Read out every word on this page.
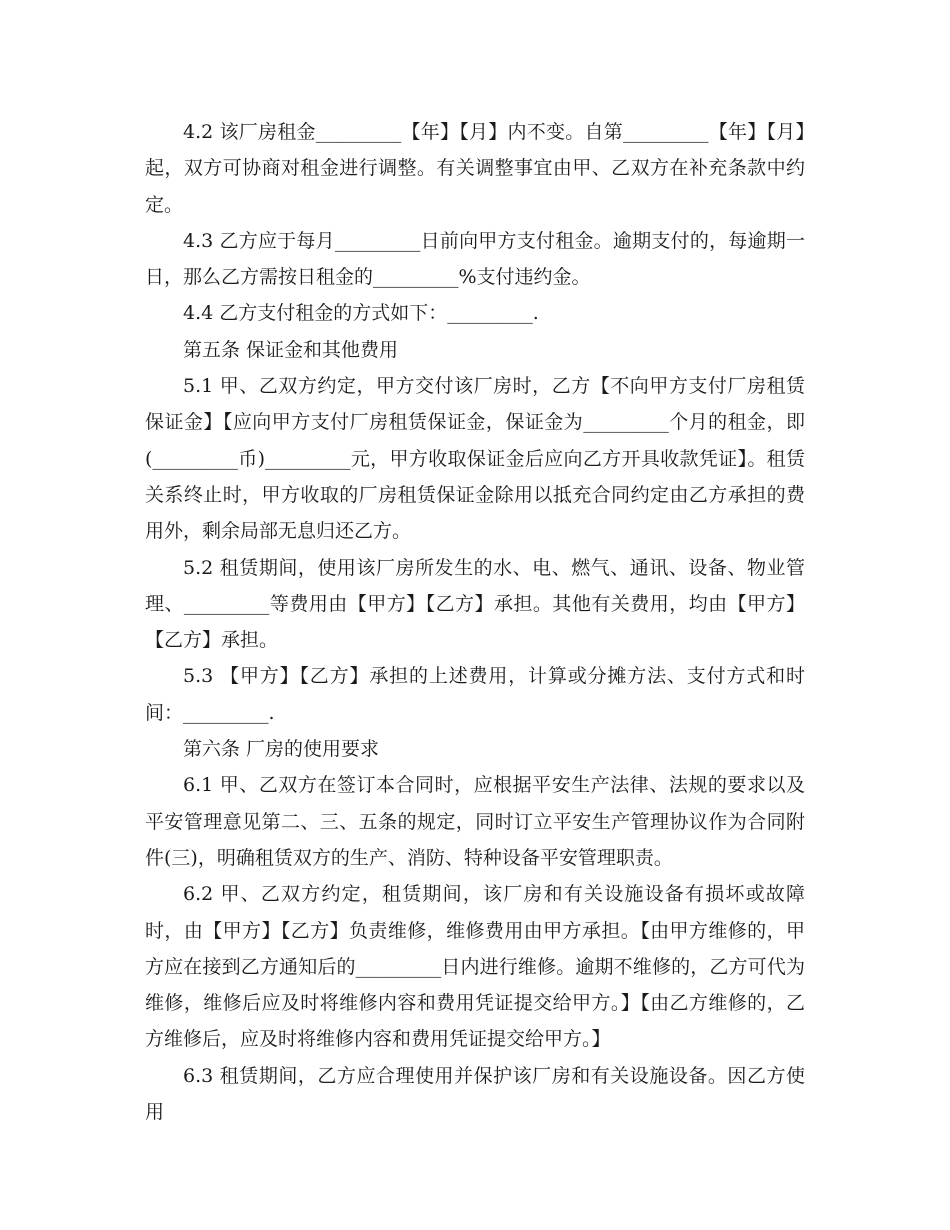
4.2 该厂房租金_________【年】【月】内不变。自第_________【年】【月】起，双方可协商对租金进行调整。有关调整事宜由甲、乙双方在补充条款中约定。

4.3 乙方应于每月_________日前向甲方支付租金。逾期支付的，每逾期一日，那么乙方需按日租金的_________%支付违约金。

4.4 乙方支付租金的方式如下：_________.

第五条 保证金和其他费用

5.1 甲、乙双方约定，甲方交付该厂房时，乙方【不向甲方支付厂房租赁保证金】【应向甲方支付厂房租赁保证金，保证金为_________个月的租金，即(_________币)_________元，甲方收取保证金后应向乙方开具收款凭证】。租赁关系终止时，甲方收取的厂房租赁保证金除用以抵充合同约定由乙方承担的费用外，剩余局部无息归还乙方。

5.2 租赁期间，使用该厂房所发生的水、电、燃气、通讯、设备、物业管理、_________等费用由【甲方】【乙方】承担。其他有关费用，均由【甲方】【乙方】承担。

5.3 【甲方】【乙方】承担的上述费用，计算或分摊方法、支付方式和时间：_________.

第六条 厂房的使用要求

6.1 甲、乙双方在签订本合同时，应根据平安生产法律、法规的要求以及平安管理意见第二、三、五条的规定，同时订立平安生产管理协议作为合同附件(三)，明确租赁双方的生产、消防、特种设备平安管理职责。

6.2 甲、乙双方约定，租赁期间，该厂房和有关设施设备有损坏或故障时，由【甲方】【乙方】负责维修，维修费用由甲方承担。【由甲方维修的，甲方应在接到乙方通知后的_________日内进行维修。逾期不维修的，乙方可代为维修，维修后应及时将维修内容和费用凭证提交给甲方。】【由乙方维修的，乙方维修后，应及时将维修内容和费用凭证提交给甲方。】

6.3 租赁期间，乙方应合理使用并保护该厂房和有关设施设备。因乙方使用
